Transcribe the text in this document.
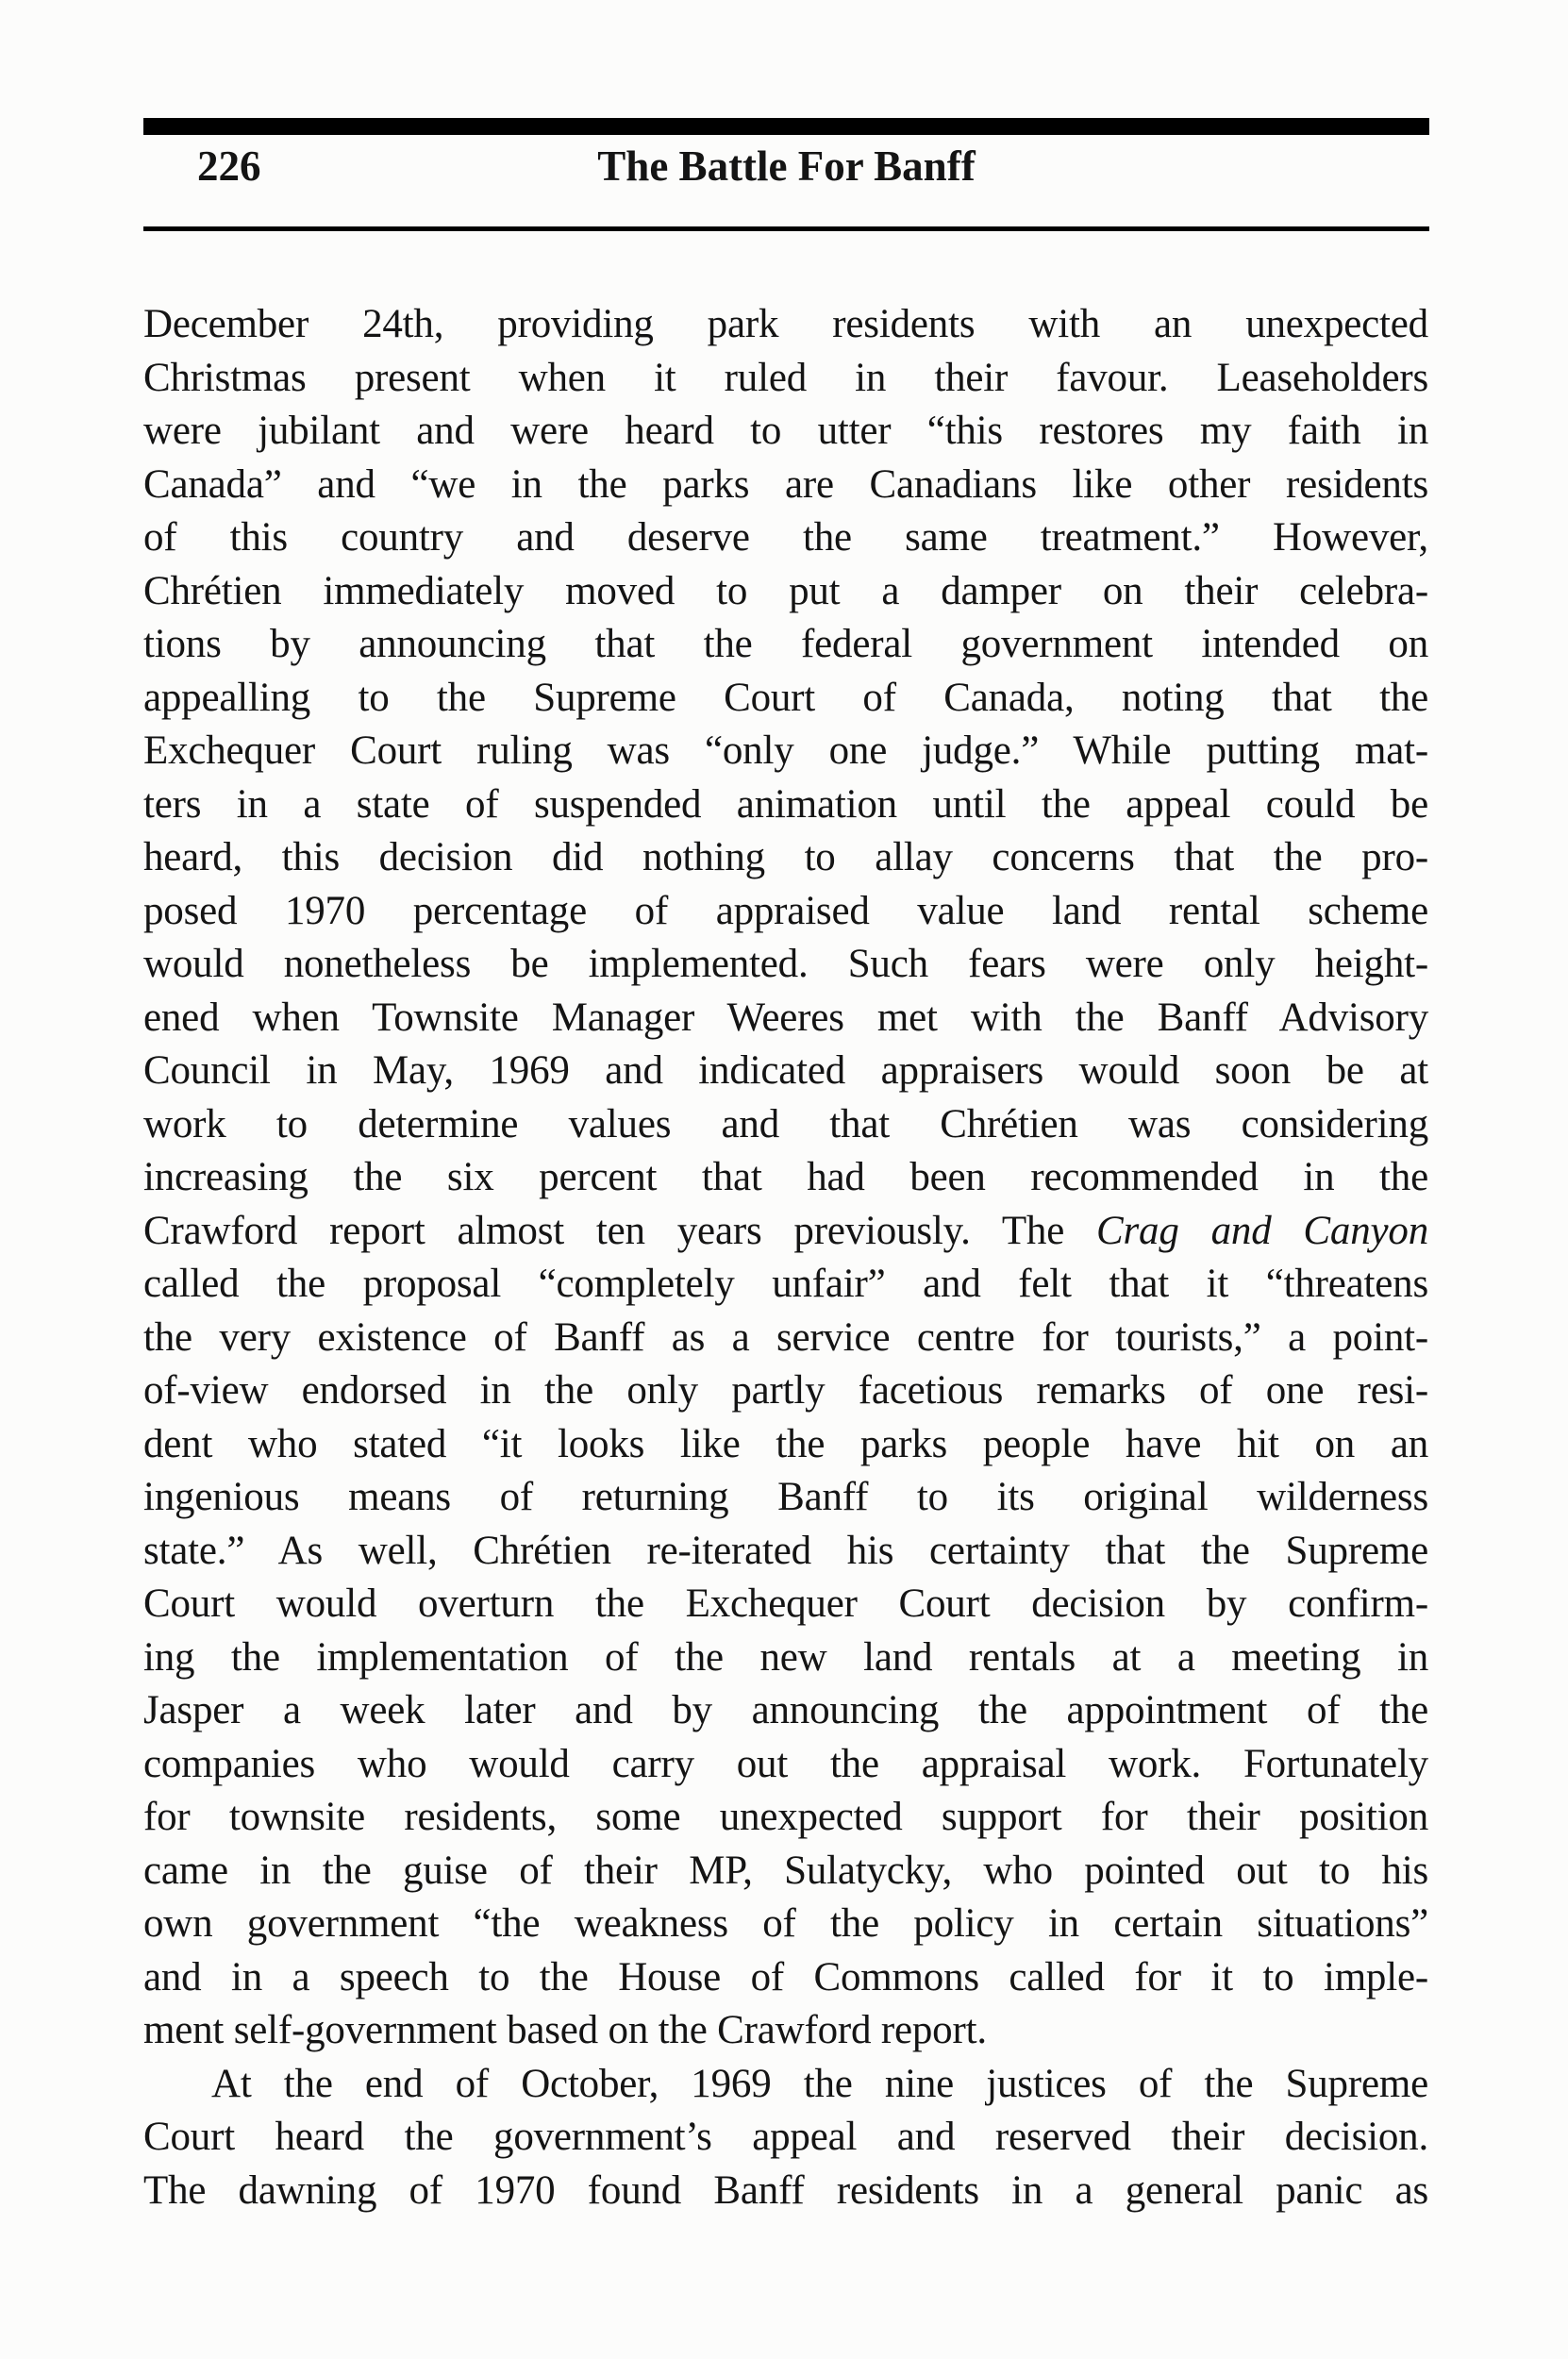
226	The Battle For Banff
December 24th, providing park residents with an unexpected
Christmas present when it ruled in their favour. Leaseholders
were jubilant and were heard to utter “this restores my faith in
Canada” and “we in the parks are Canadians like other residents
of this country and deserve the same treatment.” However,
Chrétien immediately moved to put a damper on their celebra-
tions by announcing that the federal government intended on
appealling to the Supreme Court of Canada, noting that the
Exchequer Court ruling was “only one judge.” While putting mat-
ters in a state of suspended animation until the appeal could be
heard, this decision did nothing to allay concerns that the pro-
posed 1970 percentage of appraised value land rental scheme
would nonetheless be implemented. Such fears were only height-
ened when Townsite Manager Weeres met with the Banff Advisory
Council in May, 1969 and indicated appraisers would soon be at
work to determine values and that Chrétien was considering
increasing the six percent that had been recommended in the
Crawford report almost ten years previously. The Crag and Canyon
called the proposal “completely unfair” and felt that it “threatens
the very existence of Banff as a service centre for tourists,” a point-
of-view endorsed in the only partly facetious remarks of one resi-
dent who stated “it looks like the parks people have hit on an
ingenious means of returning Banff to its original wilderness
state.” As well, Chrétien re-iterated his certainty that the Supreme
Court would overturn the Exchequer Court decision by confirm-
ing the implementation of the new land rentals at a meeting in
Jasper a week later and by announcing the appointment of the
companies who would carry out the appraisal work. Fortunately
for townsite residents, some unexpected support for their position
came in the guise of their MP, Sulatycky, who pointed out to his
own government “the weakness of the policy in certain situations”
and in a speech to the House of Commons called for it to imple-
ment self-government based on the Crawford report.
At the end of October, 1969 the nine justices of the Supreme
Court heard the government’s appeal and reserved their decision.
The dawning of 1970 found Banff residents in a general panic as
